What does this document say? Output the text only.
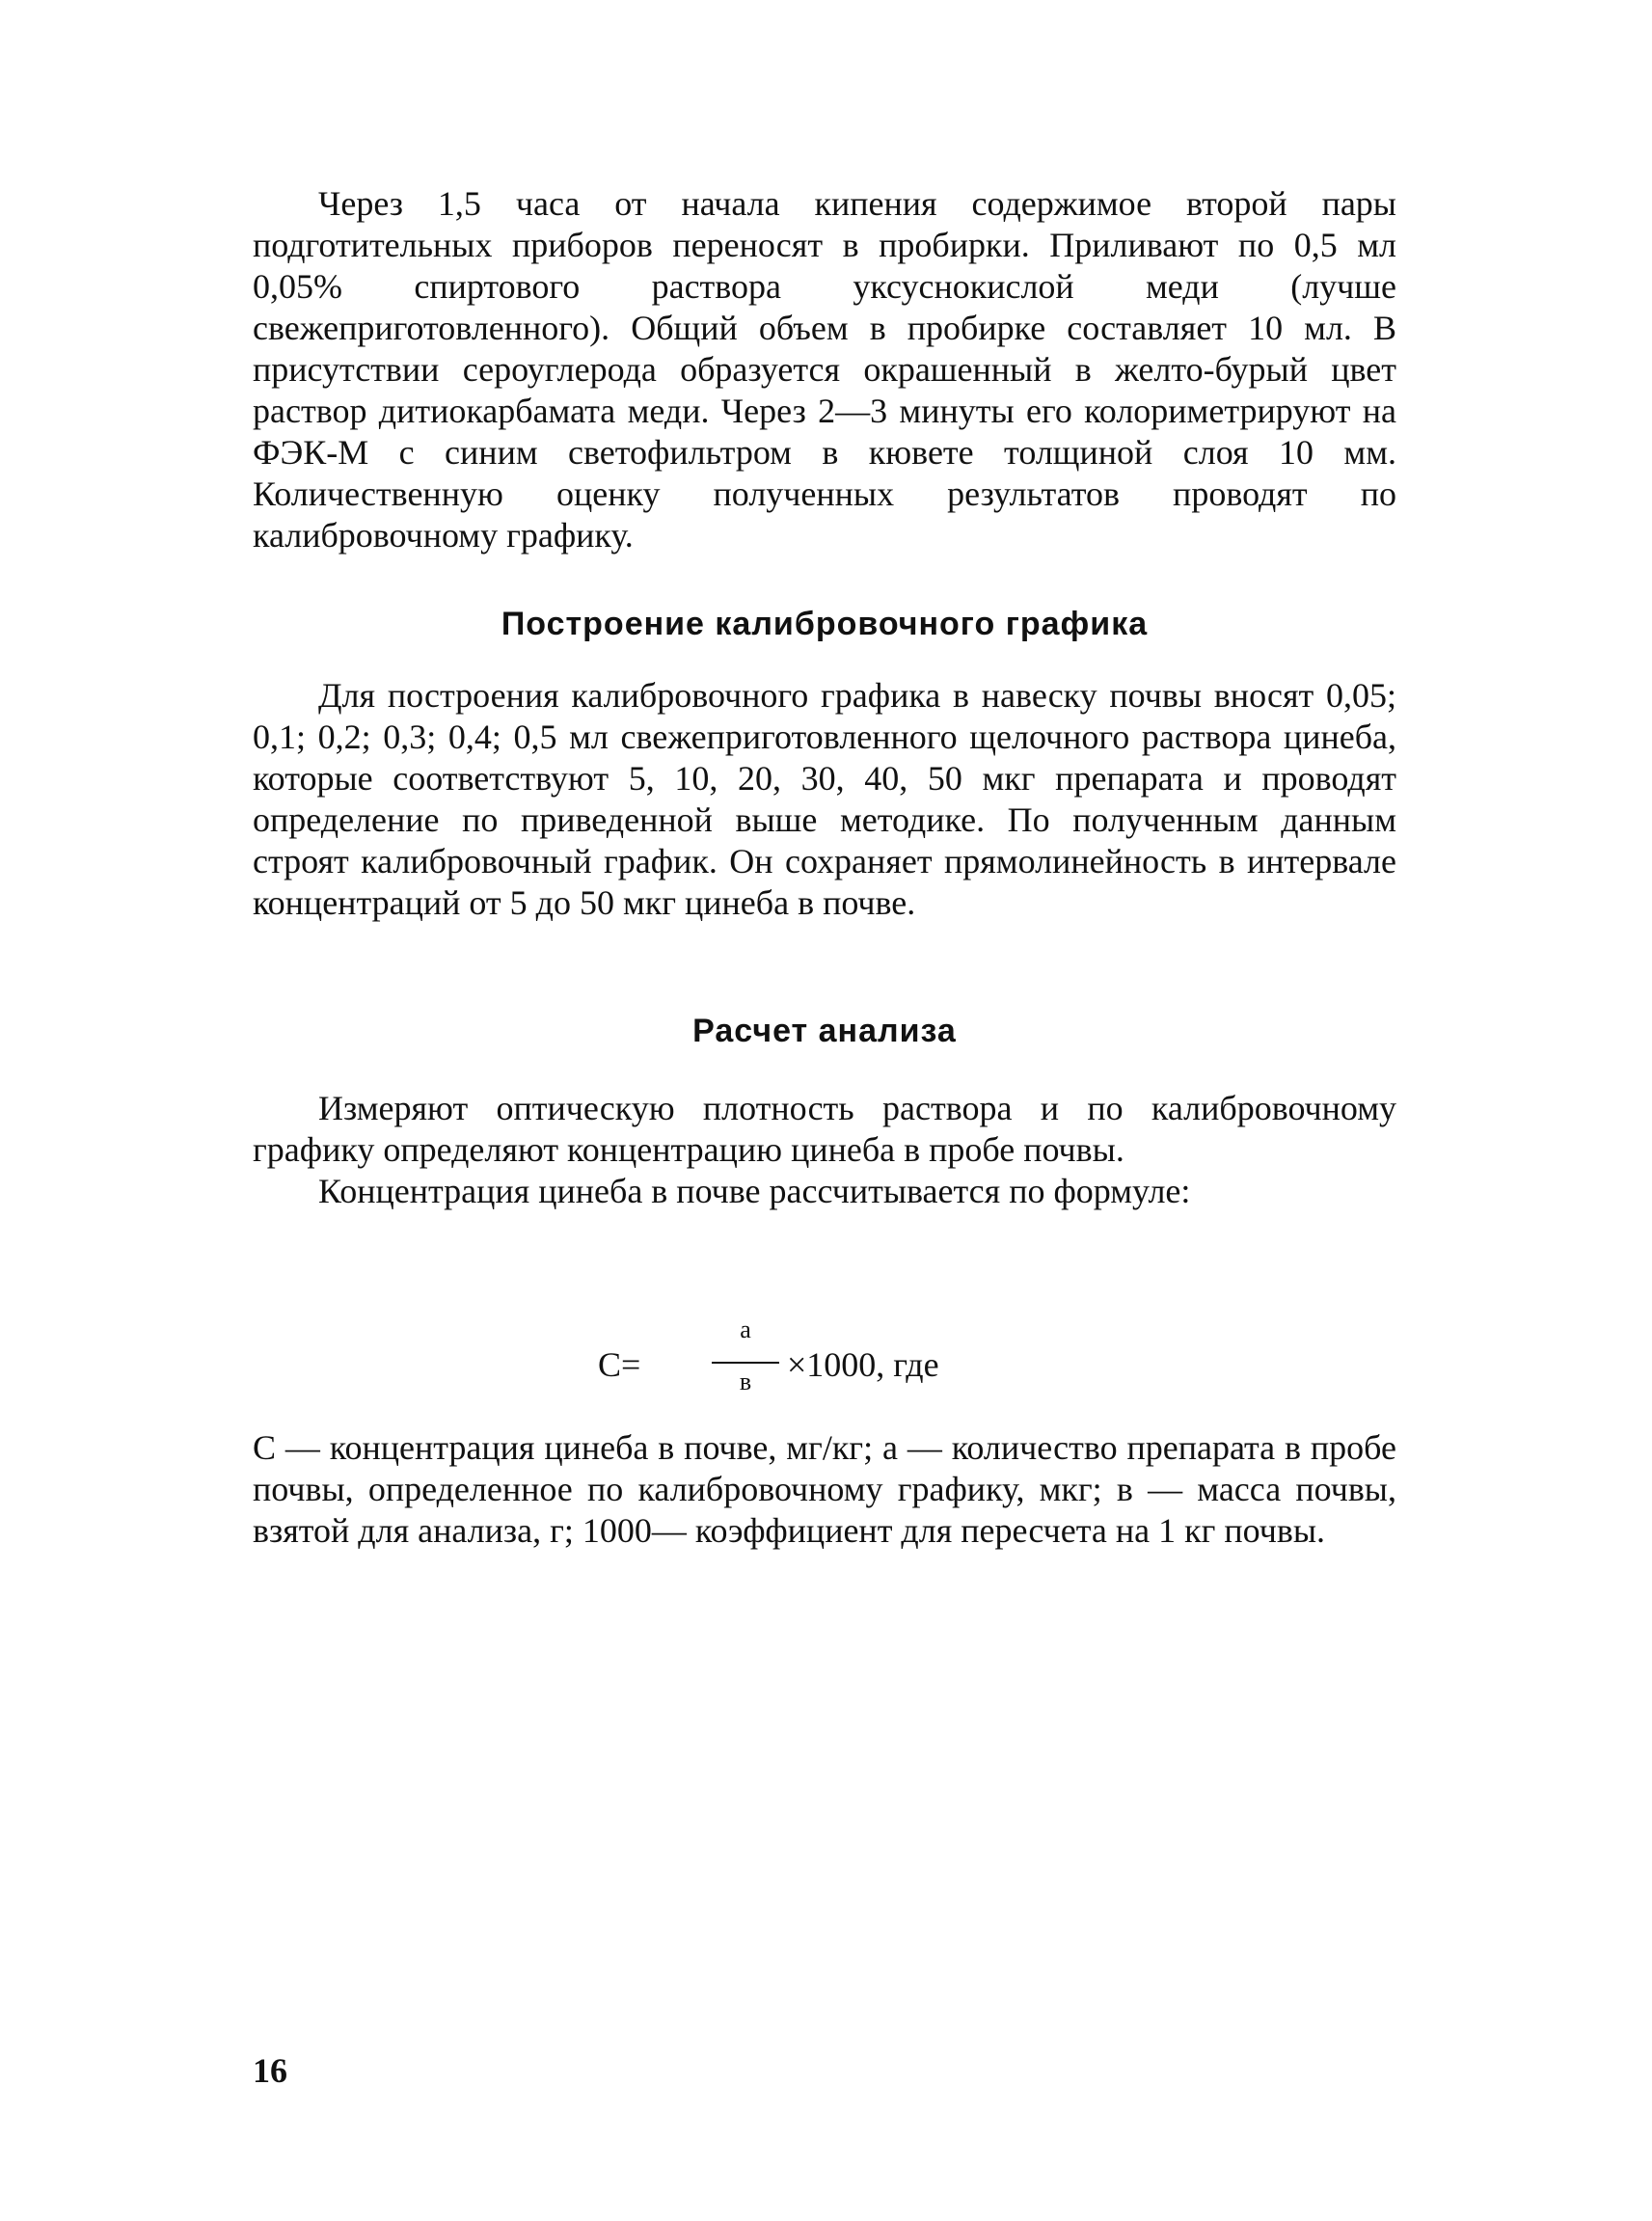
Через 1,5 часа от начала кипения содержимое второй пары подготительных приборов переносят в пробирки. Приливают по 0,5 мл 0,05% спиртового раствора уксуснокислой меди (лучше свежеприготовленного). Общий объем в пробирке составляет 10 мл. В присутствии сероуглерода образуется окрашенный в желто-бурый цвет раствор дитиокарбамата меди. Через 2—3 минуты его колориметрируют на ФЭК-М с синим светофильтром в кювете толщиной слоя 10 мм. Количественную оценку полученных результатов проводят по калибровочному графику.

Построение калибровочного графика

Для построения калибровочного графика в навеску почвы вносят 0,05; 0,1; 0,2; 0,3; 0,4; 0,5 мл свежеприготовленного щелочного раствора цинеба, которые соответствуют 5, 10, 20, 30, 40, 50 мкг препарата и проводят определение по приведенной выше методике. По полученным данным строят калибровочный график. Он сохраняет прямолинейность в интервале концентраций от 5 до 50 мкг цинеба в почве.

Расчет анализа

Измеряют оптическую плотность раствора и по калибровочному графику определяют концентрацию цинеба в пробе почвы.

Концентрация цинеба в почве рассчитывается по формуле:

С=
а
в	×1000, где

С — концентрация цинеба в почве, мг/кг; а — количество препарата в пробе почвы, определенное по калибровочному графику, мкг; в — масса почвы, взятой для анализа, г; 1000— коэффициент для пересчета на 1 кг почвы.

16
